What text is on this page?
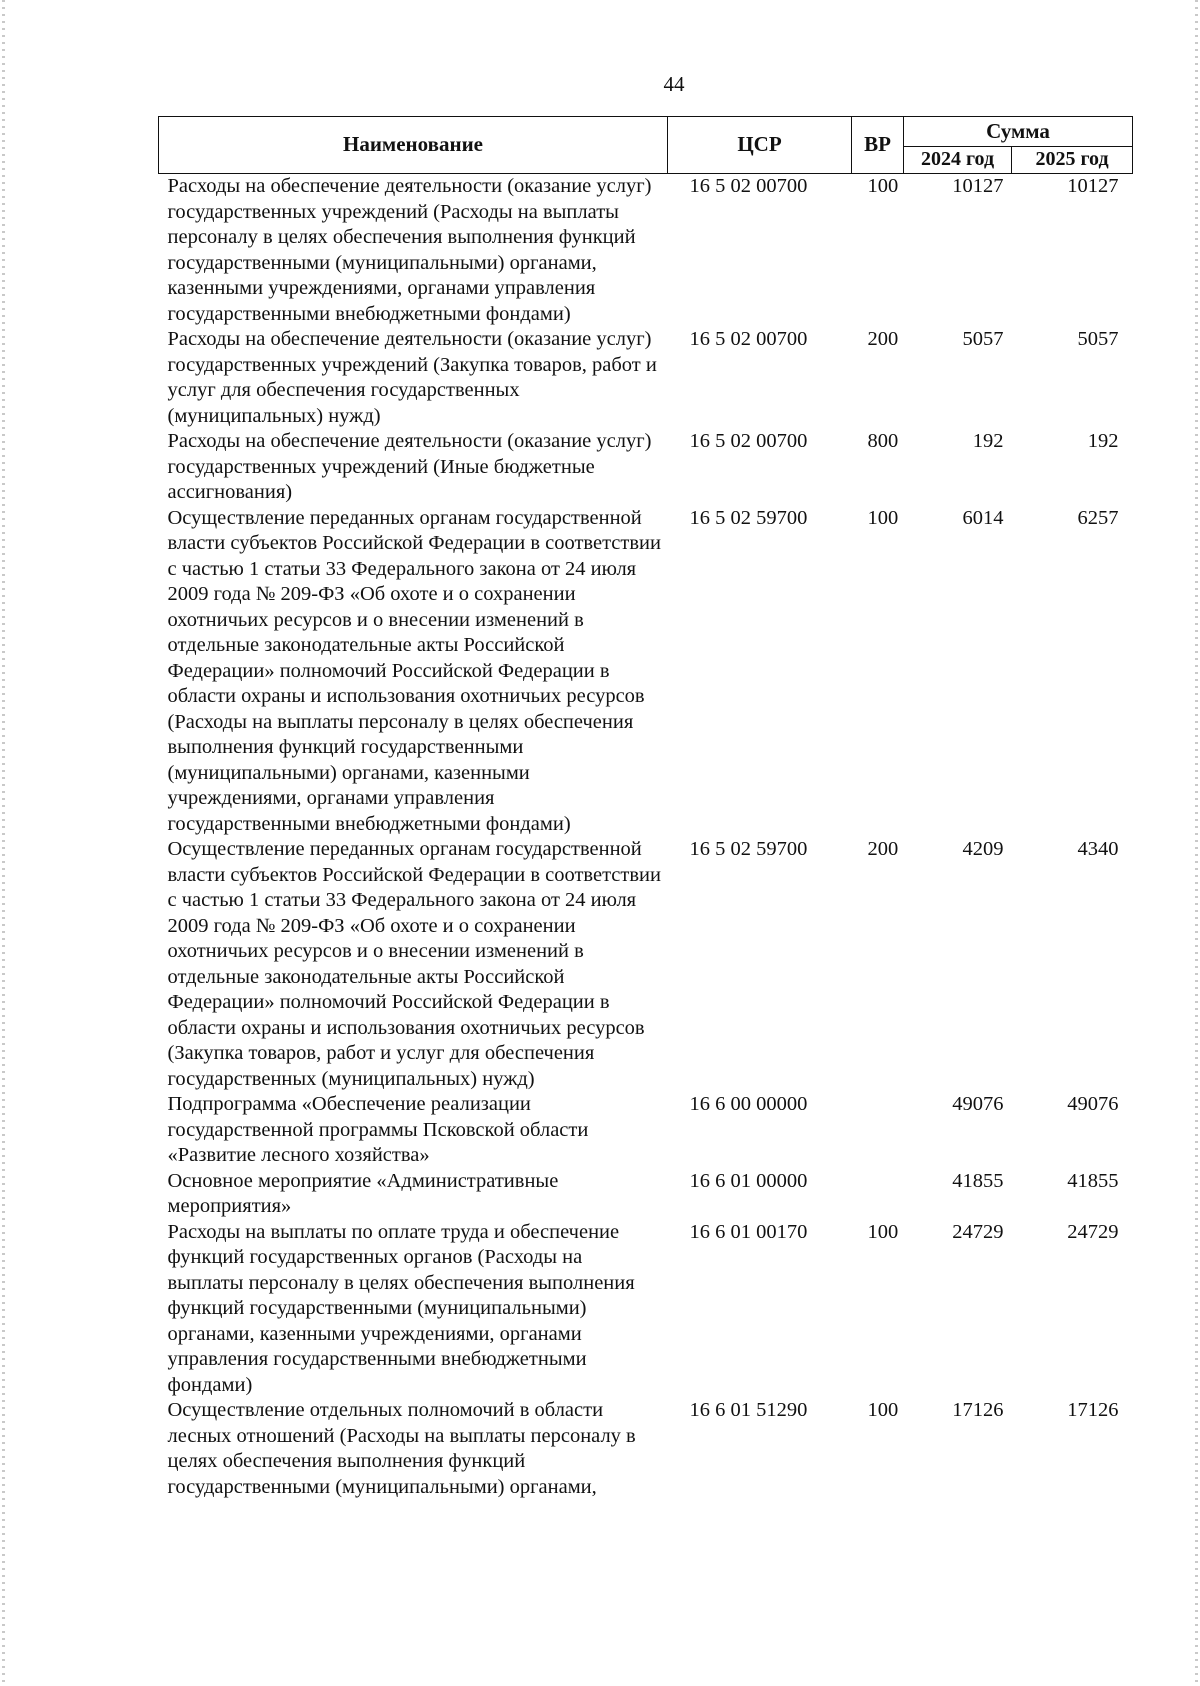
44
Наименование	ЦСР	ВР	Сумма	
			2024 год	2025 год
Расходы на обеспечение деятельности (оказание услуг) государственных учреждений (Расходы на выплаты персоналу в целях обеспечения выполнения функций государственными (муниципальными) органами, казенными учреждениями, органами управления государственными внебюджетными фондами)	16 5 02 00700	100	10127	10127
Расходы на обеспечение деятельности (оказание услуг) государственных учреждений (Закупка товаров, работ и услуг для обеспечения государственных (муниципальных) нужд)	16 5 02 00700	200	5057	5057
Расходы на обеспечение деятельности (оказание услуг) государственных учреждений (Иные бюджетные ассигнования)	16 5 02 00700	800	192	192
Осуществление переданных органам государственной власти субъектов Российской Федерации в соответствии с частью 1 статьи 33 Федерального закона от 24 июля 2009 года № 209-ФЗ «Об охоте и о сохранении охотничьих ресурсов и о внесении изменений в отдельные законодательные акты Российской Федерации» полномочий Российской Федерации в области охраны и использования охотничьих ресурсов (Расходы на выплаты персоналу в целях обеспечения выполнения функций государственными (муниципальными) органами, казенными учреждениями, органами управления государственными внебюджетными фондами)	16 5 02 59700	100	6014	6257
Осуществление переданных органам государственной власти субъектов Российской Федерации в соответствии с частью 1 статьи 33 Федерального закона от 24 июля 2009 года № 209-ФЗ «Об охоте и о сохранении охотничьих ресурсов и о внесении изменений в отдельные законодательные акты Российской Федерации» полномочий Российской Федерации в области охраны и использования охотничьих ресурсов (Закупка товаров, работ и услуг для обеспечения государственных (муниципальных) нужд)	16 5 02 59700	200	4209	4340
Подпрограмма «Обеспечение реализации государственной программы Псковской области «Развитие лесного хозяйства»	16 6 00 00000		49076	49076
Основное мероприятие «Административные мероприятия»	16 6 01 00000		41855	41855
Расходы на выплаты по оплате труда и обеспечение функций государственных органов (Расходы на выплаты персоналу в целях обеспечения выполнения функций государственными (муниципальными) органами, казенными учреждениями, органами управления государственными внебюджетными фондами)	16 6 01 00170	100	24729	24729
Осуществление отдельных полномочий в области лесных отношений (Расходы на выплаты персоналу в целях обеспечения выполнения функций государственными (муниципальными) органами,	16 6 01 51290	100	17126	17126
